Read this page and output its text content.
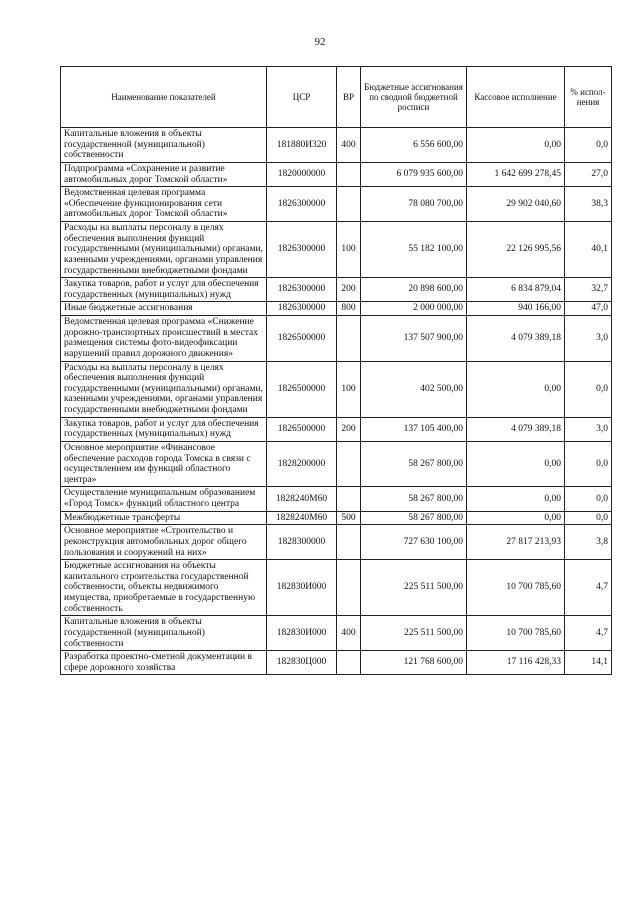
92
Наименование показателей	ЦСР	ВР	Бюджетные ассигнования по сводной бюджетной росписи	Кассовое исполнение	% испол-нения
Капитальные вложения в объекты государственной (муниципальной) собственности	181880И320	400	6 556 600,00	0,00	0,0
Подпрограмма «Сохранение и развитие автомобильных дорог Томской области»	1820000000		6 079 935 600,00	1 642 699 278,45	27,0
Ведомственная целевая программа «Обеспечение функционирования сети автомобильных дорог Томской области»	1826300000		78 080 700,00	29 902 040,60	38,3
Расходы на выплаты персоналу в целях обеспечения выполнения функций государственными (муниципальными) органами, казенными учреждениями, органами управления государственными внебюджетными фондами	1826300000	100	55 182 100,00	22 126 995,56	40,1
Закупка товаров, работ и услуг для обеспечения государственных (муниципальных) нужд	1826300000	200	20 898 600,00	6 834 879,04	32,7
Иные бюджетные ассигнования	1826300000	800	2 000 000,00	940 166,00	47,0
Ведомственная целевая программа «Снижение дорожно-транспортных происшествий в местах размещения системы фото-видеофиксации нарушений правил дорожного движения»	1826500000		137 507 900,00	4 079 389,18	3,0
Расходы на выплаты персоналу в целях обеспечения выполнения функций государственными (муниципальными) органами, казенными учреждениями, органами управления государственными внебюджетными фондами	1826500000	100	402 500,00	0,00	0,0
Закупка товаров, работ и услуг для обеспечения государственных (муниципальных) нужд	1826500000	200	137 105 400,00	4 079 389,18	3,0
Основное мероприятие «Финансовое обеспечение расходов города Томска в связи с осуществлением им функций областного центра»	1828200000		58 267 800,00	0,00	0,0
Осуществление муниципальным образованием «Город Томск» функций областного центра	1828240М60		58 267 800,00	0,00	0,0
Межбюджетные трансферты	1828240М60	500	58 267 800,00	0,00	0,0
Основное мероприятие «Строительство и реконструкция автомобильных дорог общего пользования и сооружений на них»	1828300000		727 630 100,00	27 817 213,93	3,8
Бюджетные ассигнования на объекты капитального строительства государственной собственности, объекты недвижимого имущества, приобретаемые в государственную собственность	182830И000		225 511 500,00	10 700 785,60	4,7
Капитальные вложения в объекты государственной (муниципальной) собственности	182830И000	400	225 511 500,00	10 700 785,60	4,7
Разработка проектно-сметной документации в сфере дорожного хозяйства	182830Ц000		121 768 600,00	17 116 428,33	14,1
